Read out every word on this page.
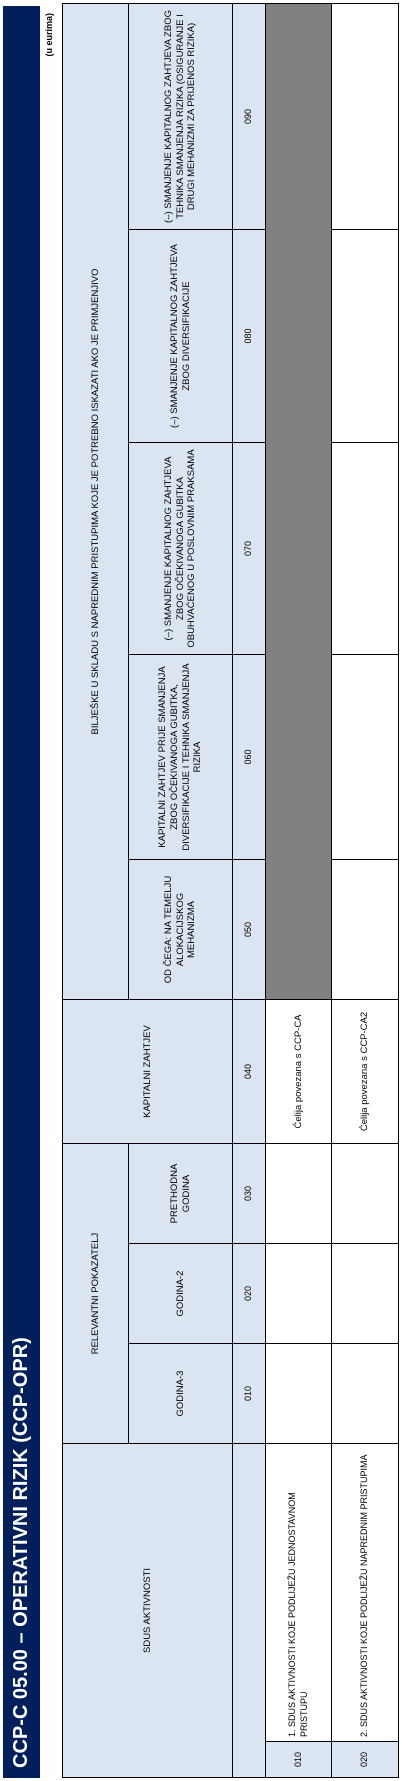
CCP-C 05.00 – OPERATIVNI RIZIK (CCP-OPR)
(u eurima)
SDUS AKTIVNOSTI		RELEVANTNI POKAZATELJ			KAPITALNI ZAHTJEV	BILJEŠKE U SKLADU S NAPREDNIM PRISTUPIMA KOJE JE POTREBNO ISKAZATI AKO JE PRIMJENJIVO				
		GODINA-3	GODINA-2	PRETHODNA GODINA		OD ČEGA: NA TEMELJU ALOKACIJSKOG MEHANIZMA	KAPITALNI ZAHTJEV PRIJE SMANJENJA ZBOG OČEKIVANOGA GUBITKA, DIVERSIFIKACIJE I TEHNIKA SMANJENJA RIZIKA	(–) SMANJENJE KAPITALNOG ZAHTJEVA ZBOG OČEKIVANOGA GUBITKA OBUHVAĆENOG U POSLOVNIM PRAKSAMA	(–) SMANJENJE KAPITALNOG ZAHTJEVA ZBOG DIVERSIFIKACIJE	(–) SMANJENJE KAPITALNOG ZAHTJEVA ZBOG TEHNIKA SMANJENJA RIZIKA (OSIGURANJE I DRUGI MEHANIZMI ZA PRIJENOS RIZIKA)
		010	020	030	040	050	060	070	080	090
010	1. SDUS AKTIVNOSTI KOJE PODLIJEŽU JEDNOSTAVNOM PRISTUPU				Ćelija povezana s CCP-CA					
020	2. SDUS AKTIVNOSTI KOJE PODLIJEŽU NAPREDNIM PRISTUPIMA				Ćelija povezana s CCP-CA2					
